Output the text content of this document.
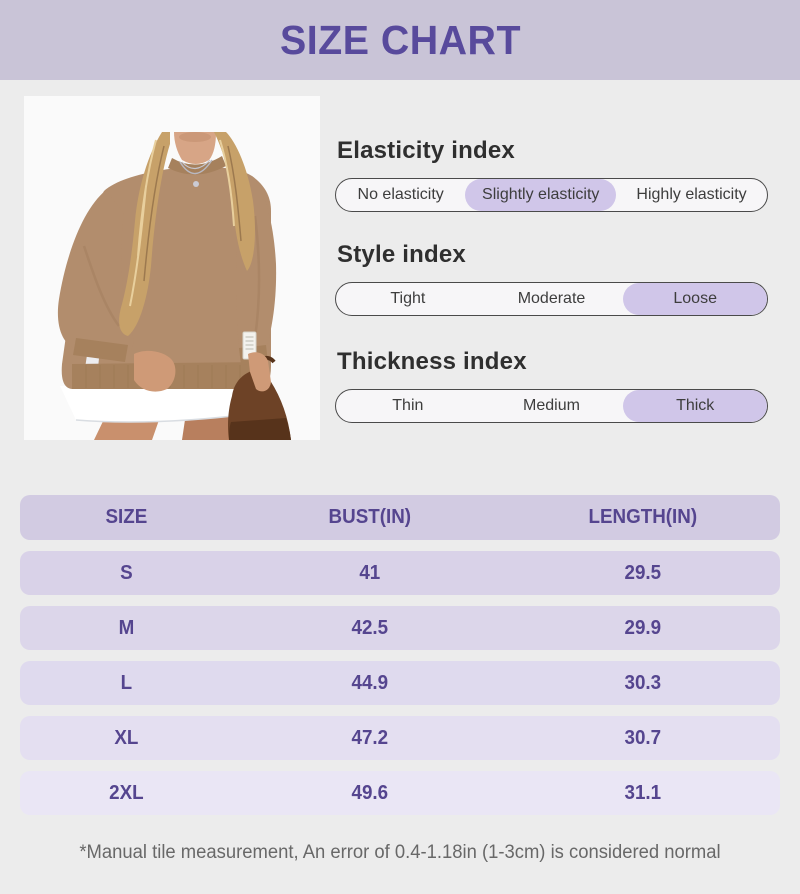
SIZE CHART
Elasticity index
No elasticity	Slightly elasticity	Highly elasticity
Style index
Tight	Moderate	Loose
Thickness index
Thin	Medium	Thick
SIZE	BUST(IN)	LENGTH(IN)
S	41	29.5
M	42.5	29.9
L	44.9	30.3
XL	47.2	30.7
2XL	49.6	31.1
*Manual tile measurement, An error of 0.4-1.18in (1-3cm) is considered normal
